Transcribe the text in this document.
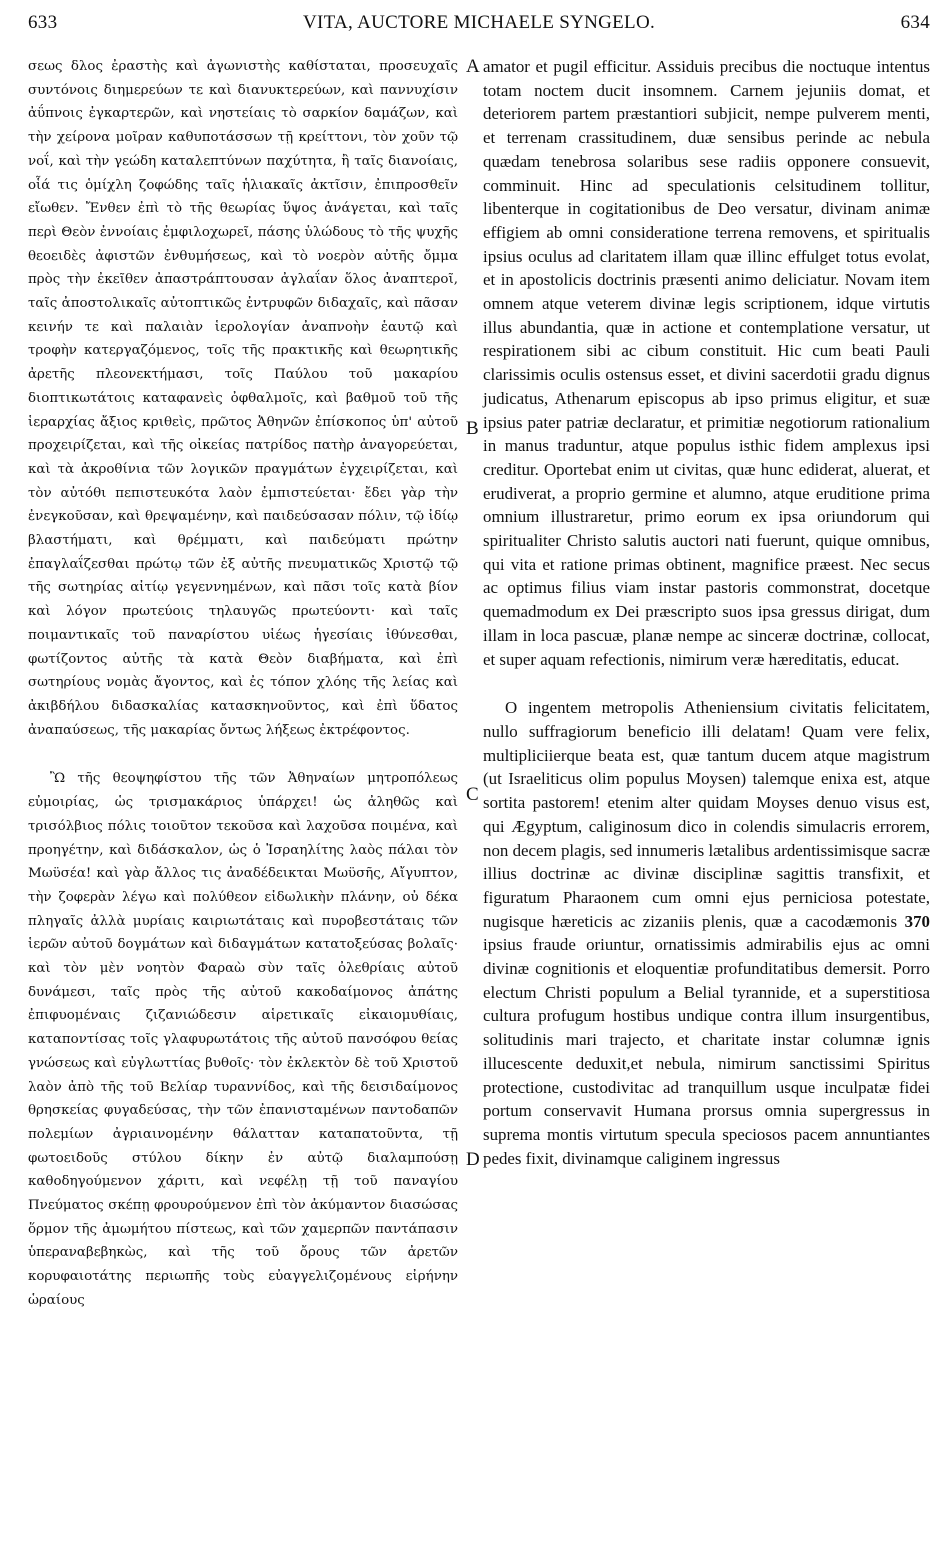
633	VITA, AUCTORE MICHAELE SYNGELO.	634

σεως δλος ἐραστὴς καὶ ἀγωνιστὴς καθίσταται, προσευχαῖς συντόνοις διημερεύων τε καὶ διανυκτερεύων, καὶ παννυχίσιν ἀΰπνοις ἐγκαρτερῶν, καὶ νηστείαις τὸ σαρκίον δαμάζων, καὶ τὴν χείρονα μοῖραν καθυποτάσσων τῇ κρείττονι, τὸν χοῦν τῷ νοΐ, καὶ τὴν γεώδη καταλεπτύνων παχύτητα, ἢ ταῖς διανοίαις, οἷά τις ὁμίχλη ζοφώδης ταῖς ἡλιακαῖς ἀκτῖσιν, ἐπιπροσθεῖν εἴωθεν. Ἔνθεν ἐπὶ τὸ τῆς θεωρίας ὕψος ἀνάγεται, καὶ ταῖς περὶ Θεὸν ἐννοίαις ἐμφιλοχωρεῖ, πάσης ὑλώδους τὸ τῆς ψυχῆς θεοειδὲς ἀφιστῶν ἐνθυμήσεως, καὶ τὸ νοερὸν αὐτῆς ὄμμα πρὸς τὴν ἐκεῖθεν ἀπαστράπτουσαν ἀγλαΐαν ὅλος ἀναπτεροῖ, ταῖς ἀποστολικαῖς αὐτοπτικῶς ἐντρυφῶν διδαχαῖς, καὶ πᾶσαν κεινήν τε καὶ παλαιὰν ἱερολογίαν ἀναπνοὴν ἑαυτῷ καὶ τροφὴν κατεργαζόμενος, τοῖς τῆς πρακτικῆς καὶ θεωρητικῆς ἀρετῆς πλεονεκτήμασι, τοῖς Παύλου τοῦ μακαρίου διοπτικωτάτοις καταφανεὶς ὀφθαλμοῖς, καὶ βαθμοῦ τοῦ τῆς ἱεραρχίας ἄξιος κριθεὶς, πρῶτος Ἀθηνῶν ἐπίσκοπος ὑπ' αὐτοῦ προχειρίζεται, καὶ τῆς οἰκείας πατρίδος πατὴρ ἀναγορεύεται, καὶ τὰ ἀκροθίνια τῶν λογικῶν πραγμάτων ἐγχειρίζεται, καὶ τὸν αὐτόθι πεπιστευκότα λαὸν ἐμπιστεύεται· ἔδει γὰρ τὴν ἐνεγκοῦσαν, καὶ θρεψαμένην, καὶ παιδεύσασαν πόλιν, τῷ ἰδίῳ βλαστήματι, καὶ θρέμματι, καὶ παιδεύματι πρώτην ἐπαγλαΐζεσθαι πρώτῳ τῶν ἐξ αὐτῆς πνευματικῶς Χριστῷ τῷ τῆς σωτηρίας αἰτίῳ γεγεννημένων, καὶ πᾶσι τοῖς κατὰ βίον καὶ λόγον πρωτεύοις τηλαυγῶς πρωτεύοντι· καὶ ταῖς ποιμαντικαῖς τοῦ παναρίστου υἱέως ἡγεσίαις ἰθύνεσθαι, φωτίζοντος αὐτῆς τὰ κατὰ Θεὸν διαβήματα, καὶ ἐπὶ σωτηρίους νομὰς ἄγοντος, καὶ ἐς τόπον χλόης τῆς λείας καὶ ἀκιβδήλου διδασκαλίας κατασκηνοῦντος, καὶ ἐπὶ ὕδατος ἀναπαύσεως, τῆς μακαρίας ὄντως λήξεως ἐκτρέφοντος.

Ὢ τῆς θεοψηφίστου τῆς τῶν Ἀθηναίων μητροπόλεως εὐμοιρίας, ὡς τρισμακάριος ὑπάρχει! ὡς ἀληθῶς καὶ τρισόλβιος πόλις τοιοῦτον τεκοῦσα καὶ λαχοῦσα ποιμένα, καὶ προηγέτην, καὶ διδάσκαλον, ὡς ὁ Ἰσραηλίτης λαὸς πάλαι τὸν Μωϋσέα! καὶ γὰρ ἄλλος τις ἀναδέδεικται Μωϋσῆς, Αἴγυπτον, τὴν ζοφερὰν λέγω καὶ πολύθεον εἰδωλικὴν πλάνην, οὐ δέκα πληγαῖς ἀλλὰ μυρίαις καιριωτάταις καὶ πυροβεστάταις τῶν ἱερῶν αὐτοῦ δογμάτων καὶ διδαγμάτων κατατοξεύσας βολαῖς· καὶ τὸν μὲν νοητὸν Φαραὼ σὺν ταῖς ὀλεθρίαις αὐτοῦ δυνάμεσι, ταῖς πρὸς τῆς αὐτοῦ κακοδαίμονος ἀπάτης ἐπιφυομέναις ζιζανιώδεσιν αἱρετικαῖς εἰκαιομυθίαις, καταποντίσας τοῖς γλαφυρωτάτοις τῆς αὐτοῦ πανσόφου θείας γνώσεως καὶ εὐγλωττίας βυθοῖς· τὸν ἐκλεκτὸν δὲ τοῦ Χριστοῦ λαὸν ἀπὸ τῆς τοῦ Βελίαρ τυραννίδος, καὶ τῆς δεισιδαίμονος θρησκείας φυγαδεύσας, τὴν τῶν ἐπανισταμένων παντοδαπῶν πολεμίων ἀγριαινομένην θάλατταν καταπατοῦντα, τῇ φωτοειδοῦς στύλου δίκην ἐν αὐτῷ διαλαμπούσῃ καθοδηγούμενον χάριτι, καὶ νεφέλῃ τῇ τοῦ παναγίου Πνεύματος σκέπῃ φρουρούμενον ἐπὶ τὸν ἀκύμαντον διασώσας ὅρμον τῆς ἀμωμήτου πίστεως, καὶ τῶν χαμερπῶν παντάπασιν ὑπεραναβεβηκὼς, καὶ τῆς τοῦ ὄρους τῶν ἀρετῶν κορυφαιοτάτης περιωπῆς τοὺς εὐαγγελιζομένους εἰρήνην ὡραίους

A
B
C
D

amator et pugil efficitur. Assiduis precibus die noctuque intentus totam noctem ducit insomnem. Carnem jejuniis domat, et deteriorem partem præstantiori subjicit, nempe pulverem menti, et terrenam crassitudinem, duæ sensibus perinde ac nebula quædam tenebrosa solaribus sese radiis opponere consuevit, comminuit. Hinc ad speculationis celsitudinem tollitur, libenterque in cogitationibus de Deo versatur, divinam animæ effigiem ab omni consideratione terrena removens, et spiritualis ipsius oculus ad claritatem illam quæ illinc effulget totus evolat, et in apostolicis doctrinis præsenti animo deliciatur. Novam item omnem atque veterem divinæ legis scriptionem, idque virtutis illus abundantia, quæ in actione et contemplatione versatur, ut respirationem sibi ac cibum constituit. Hic cum beati Pauli clarissimis oculis ostensus esset, et divini sacerdotii gradu dignus judicatus, Athenarum episcopus ab ipso primus eligitur, et suæ ipsius pater patriæ declaratur, et primitiæ negotiorum rationalium in manus traduntur, atque populus isthic fidem amplexus ipsi creditur. Oportebat enim ut civitas, quæ hunc ediderat, aluerat, et erudiverat, a proprio germine et alumno, atque eruditione prima omnium illustraretur, primo eorum ex ipsa oriundorum qui spiritualiter Christo salutis auctori nati fuerunt, quique omnibus, qui vita et ratione primas obtinent, magnifice præest. Nec secus ac optimus filius viam instar pastoris commonstrat, docetque quemadmodum ex Dei præscripto suos ipsa gressus dirigat, dum illam in loca pascuæ, planæ nempe ac sinceræ doctrinæ, collocat, et super aquam refectionis, nimirum veræ hæreditatis, educat.

O ingentem metropolis Atheniensium civitatis felicitatem, nullo suffragiorum beneficio illi delatam! Quam vere felix, multipliciierque beata est, quæ tantum ducem atque magistrum (ut Israeliticus olim populus Moysen) talemque enixa est, atque sortita pastorem! etenim alter quidam Moyses denuo visus est, qui Ægyptum, caliginosum dico in colendis simulacris errorem, non decem plagis, sed innumeris lætalibus ardentissimisque sacræ illius doctrinæ ac divinæ disciplinæ sagittis transfixit, et figuratum Pharaonem cum omni ejus perniciosa potestate, nugisque hæreticis ac zizaniis plenis, quæ a cacodæmonis 370 ipsius fraude oriuntur, ornatissimis admirabilis ejus ac omni divinæ cognitionis et eloquentiæ profunditatibus demersit. Porro electum Christi populum a Belial tyrannide, et a superstitiosa cultura profugum hostibus undique contra illum insurgentibus, solitudinis mari trajecto, et charitate instar columnæ ignis illucescente deduxit,et nebula, nimirum sanctissimi Spiritus protectione, custodivitac ad tranquillum usque inculpatæ fidei portum conservavit Humana prorsus omnia supergressus in suprema montis virtutum specula speciosos pacem annuntiantes pedes fixit, divinamque caliginem ingressus
